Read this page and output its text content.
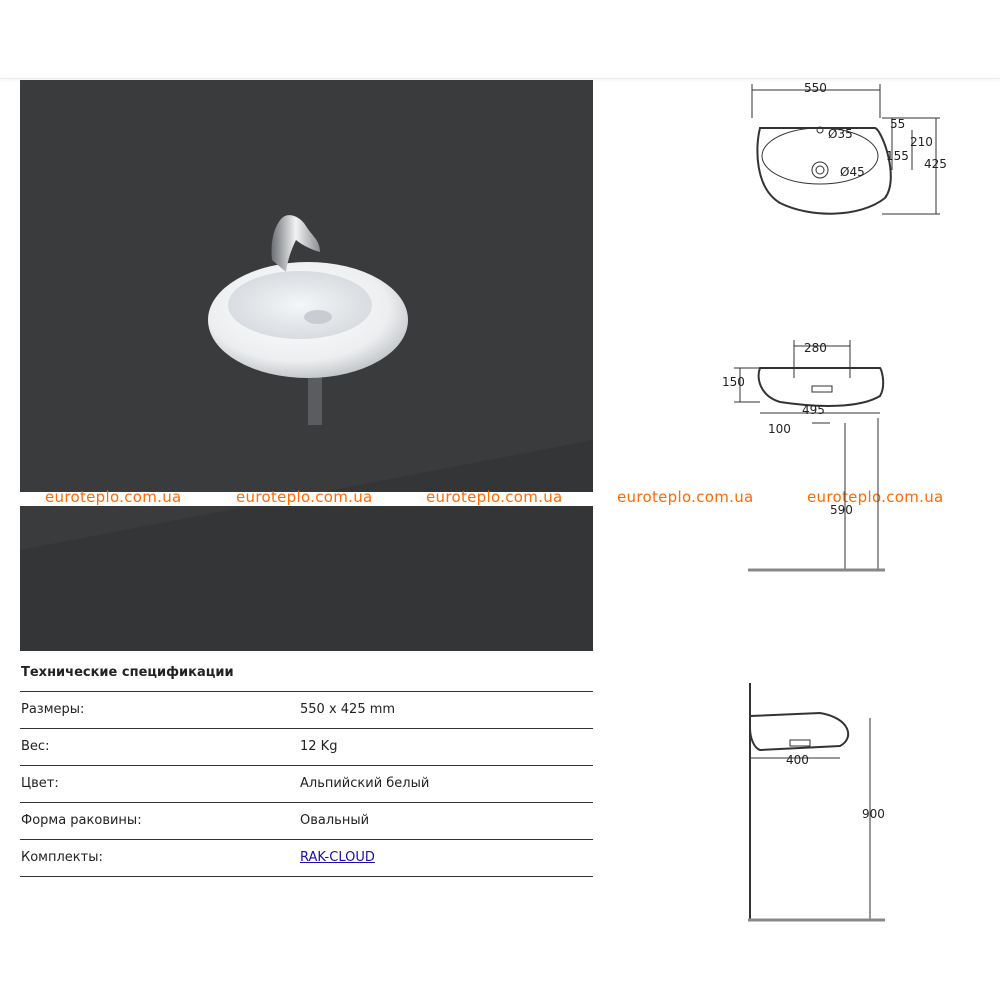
euroteplo.com.ua	euroteplo.com.ua	euroteplo.com.ua	euroteplo.com.ua	euroteplo.com.ua
Технические спецификации
Размеры:	550 x 425 mm
Вес:	12 Kg
Цвет:	Альпийский белый
Форма раковины:	Овальный
Комплекты:	RAK-CLOUD
550
Ø35
Ø45
55
210
155
425
280
150
495
100
590
400
900
